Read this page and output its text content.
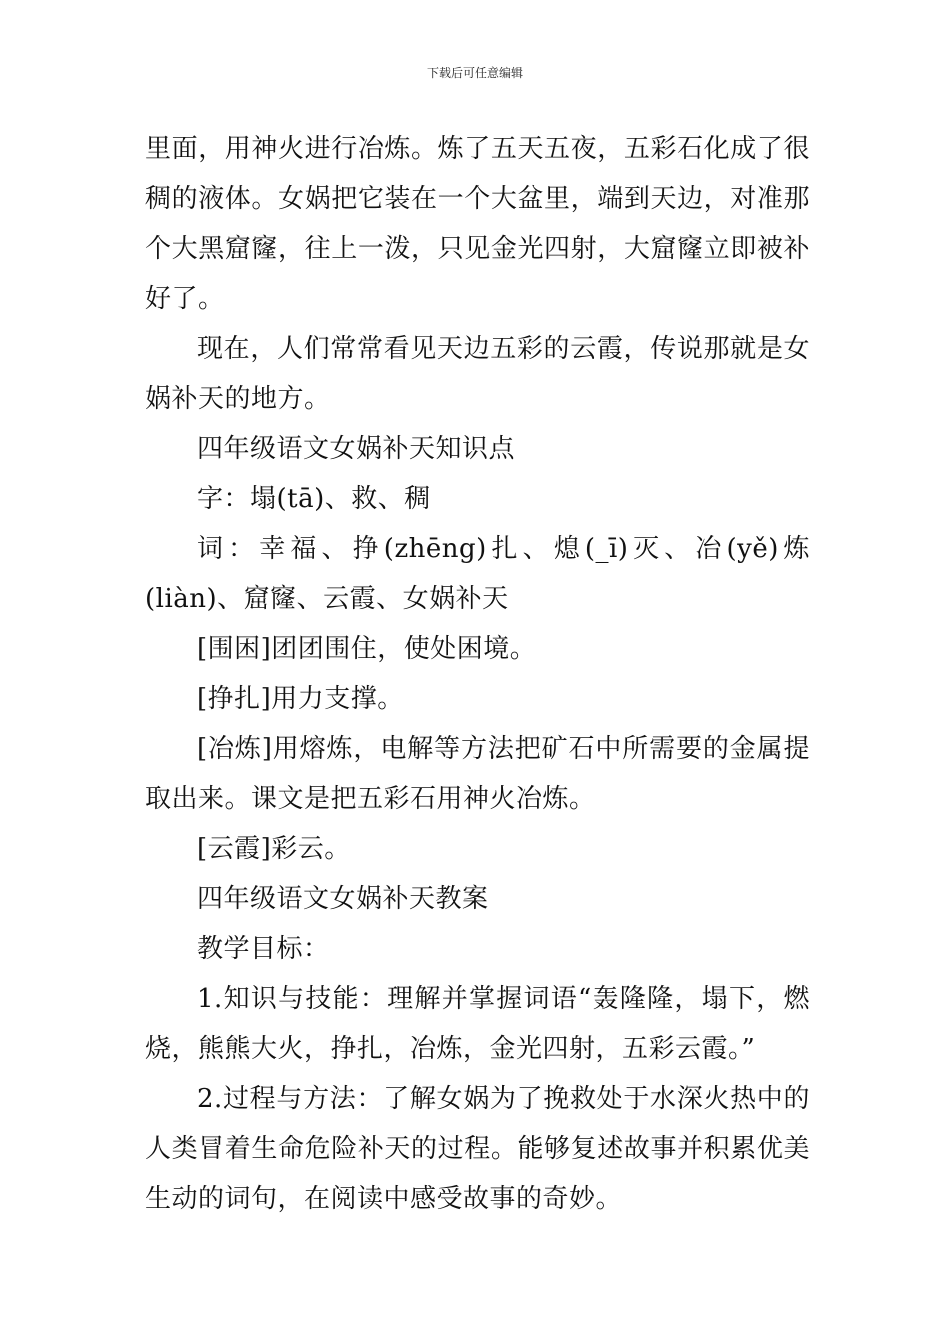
下载后可任意编辑

里面，用神火进行冶炼。炼了五天五夜，五彩石化成了很稠的液体。女娲把它装在一个大盆里，端到天边，对准那个大黑窟窿，往上一泼，只见金光四射，大窟窿立即被补好了。

现在，人们常常看见天边五彩的云霞，传说那就是女娲补天的地方。

四年级语文女娲补天知识点

字：塌(tā)、救、稠

词：幸福、挣(zhēng)扎、熄(_ī)灭、冶(yě)炼(liàn)、窟窿、云霞、女娲补天

[围困]团团围住，使处困境。

[挣扎]用力支撑。

[冶炼]用熔炼，电解等方法把矿石中所需要的金属提取出来。课文是把五彩石用神火冶炼。

[云霞]彩云。

四年级语文女娲补天教案

教学目标：

1.知识与技能：理解并掌握词语“轰隆隆，塌下，燃烧，熊熊大火，挣扎，冶炼，金光四射，五彩云霞。”

2.过程与方法：了解女娲为了挽救处于水深火热中的人类冒着生命危险补天的过程。能够复述故事并积累优美生动的词句，在阅读中感受故事的奇妙。
